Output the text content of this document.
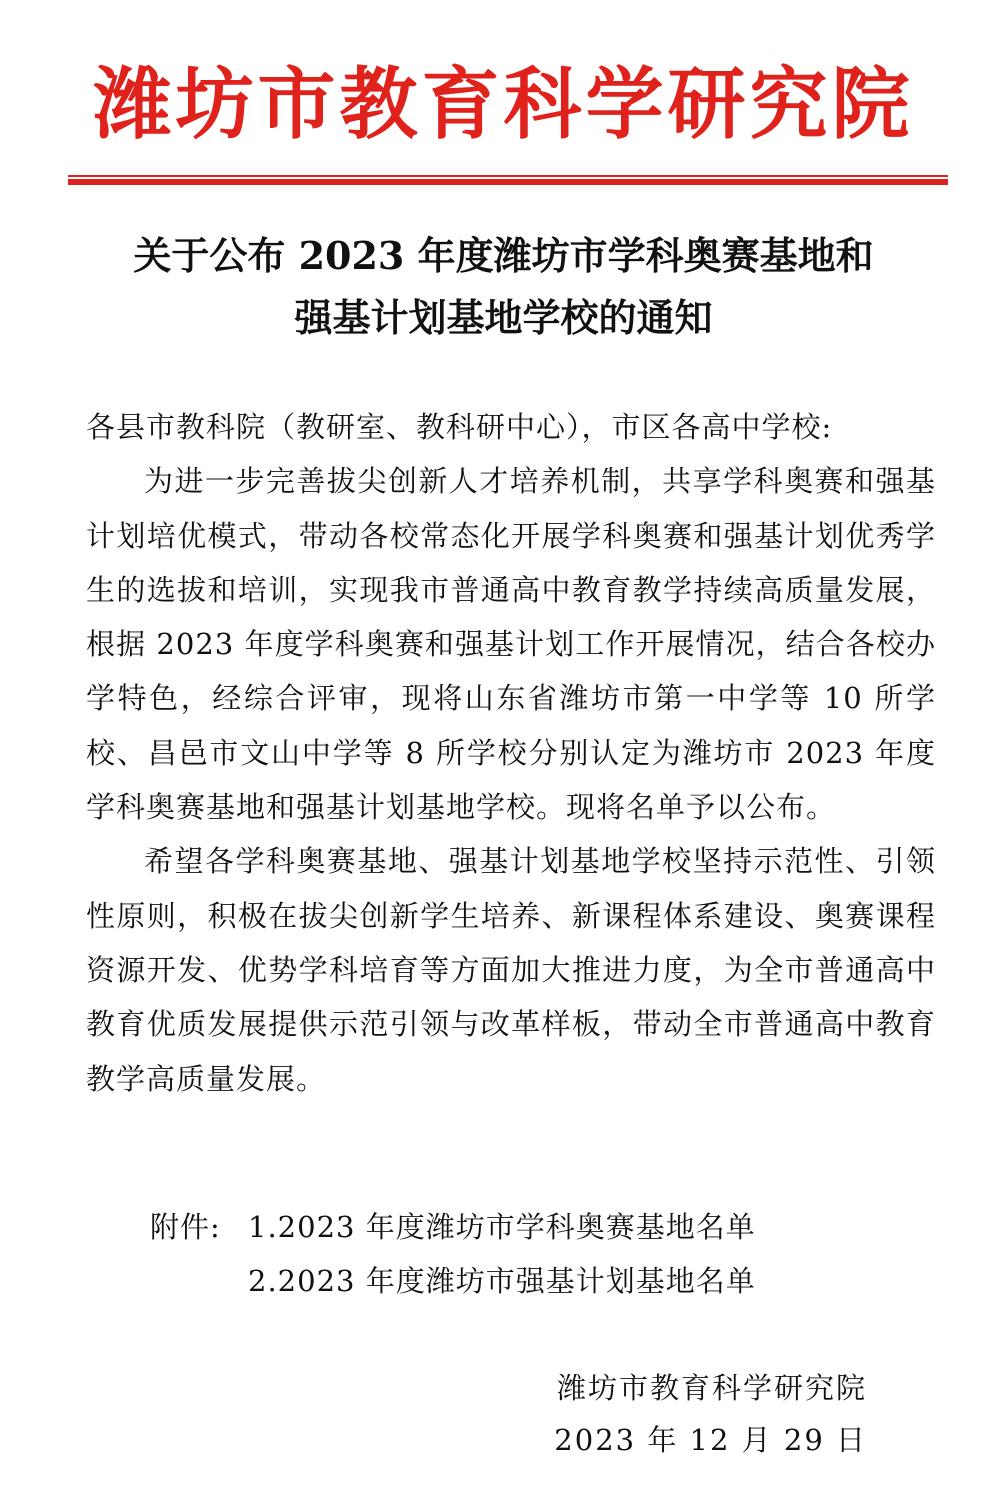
潍坊市教育科学研究院
关于公布 2023 年度潍坊市学科奥赛基地和
强基计划基地学校的通知

各县市教科院（教研室、教科研中心），市区各高中学校:

为进一步完善拔尖创新人才培养机制，共享学科奥赛和强基计划培优模式，带动各校常态化开展学科奥赛和强基计划优秀学生的选拔和培训，实现我市普通高中教育教学持续高质量发展，根据 2023 年度学科奥赛和强基计划工作开展情况，结合各校办学特色，经综合评审，现将山东省潍坊市第一中学等 10 所学校、昌邑市文山中学等 8 所学校分别认定为潍坊市 2023 年度学科奥赛基地和强基计划基地学校。现将名单予以公布。

希望各学科奥赛基地、强基计划基地学校坚持示范性、引领性原则，积极在拔尖创新学生培养、新课程体系建设、奥赛课程资源开发、优势学科培育等方面加大推进力度，为全市普通高中教育优质发展提供示范引领与改革样板，带动全市普通高中教育教学高质量发展。

附件: 1.2023 年度潍坊市学科奥赛基地名单
2.2023 年度潍坊市强基计划基地名单
潍坊市教育科学研究院
2023 年 12 月 29 日
